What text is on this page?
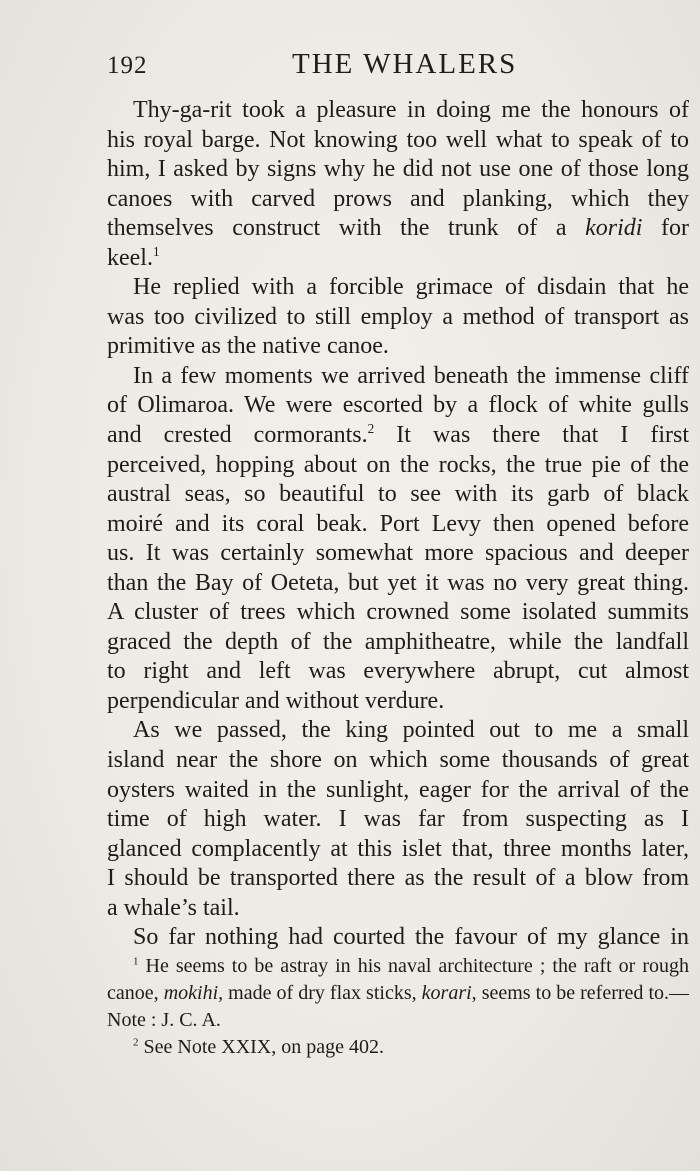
192	THE WHALERS
Thy-ga-rit took a pleasure in doing me the honours of
his royal barge. Not knowing too well what to speak of to
him, I asked by signs why he did not use one of those long
canoes with carved prows and planking, which they
themselves construct with the trunk of a koridi for
keel.$^1$
He replied with a forcible grimace of disdain that he
was too civilized to still employ a method of transport as
primitive as the native canoe.
In a few moments we arrived beneath the immense cliff
of Olimaroa. We were escorted by a flock of white gulls
and crested cormorants.$^2$ It was there that I first
perceived, hopping about on the rocks, the true pie of the
austral seas, so beautiful to see with its garb of black
moiré and its coral beak. Port Levy then opened before
us. It was certainly somewhat more spacious and deeper
than the Bay of Oeteta, but yet it was no very great thing.
A cluster of trees which crowned some isolated summits
graced the depth of the amphitheatre, while the landfall
to right and left was everywhere abrupt, cut almost
perpendicular and without verdure.
As we passed, the king pointed out to me a small
island near the shore on which some thousands of great
oysters waited in the sunlight, eager for the arrival of the
time of high water. I was far from suspecting as I
glanced complacently at this islet that, three months later,
I should be transported there as the result of a blow from
a whale’s tail.
So far nothing had courted the favour of my glance in
$^1$ He seems to be astray in his naval architecture ; the raft or rough
canoe, mokihi, made of dry flax sticks, korari, seems to be referred to.—
Note : J. C. A.
$^2$ See Note XXIX, on page 402.
